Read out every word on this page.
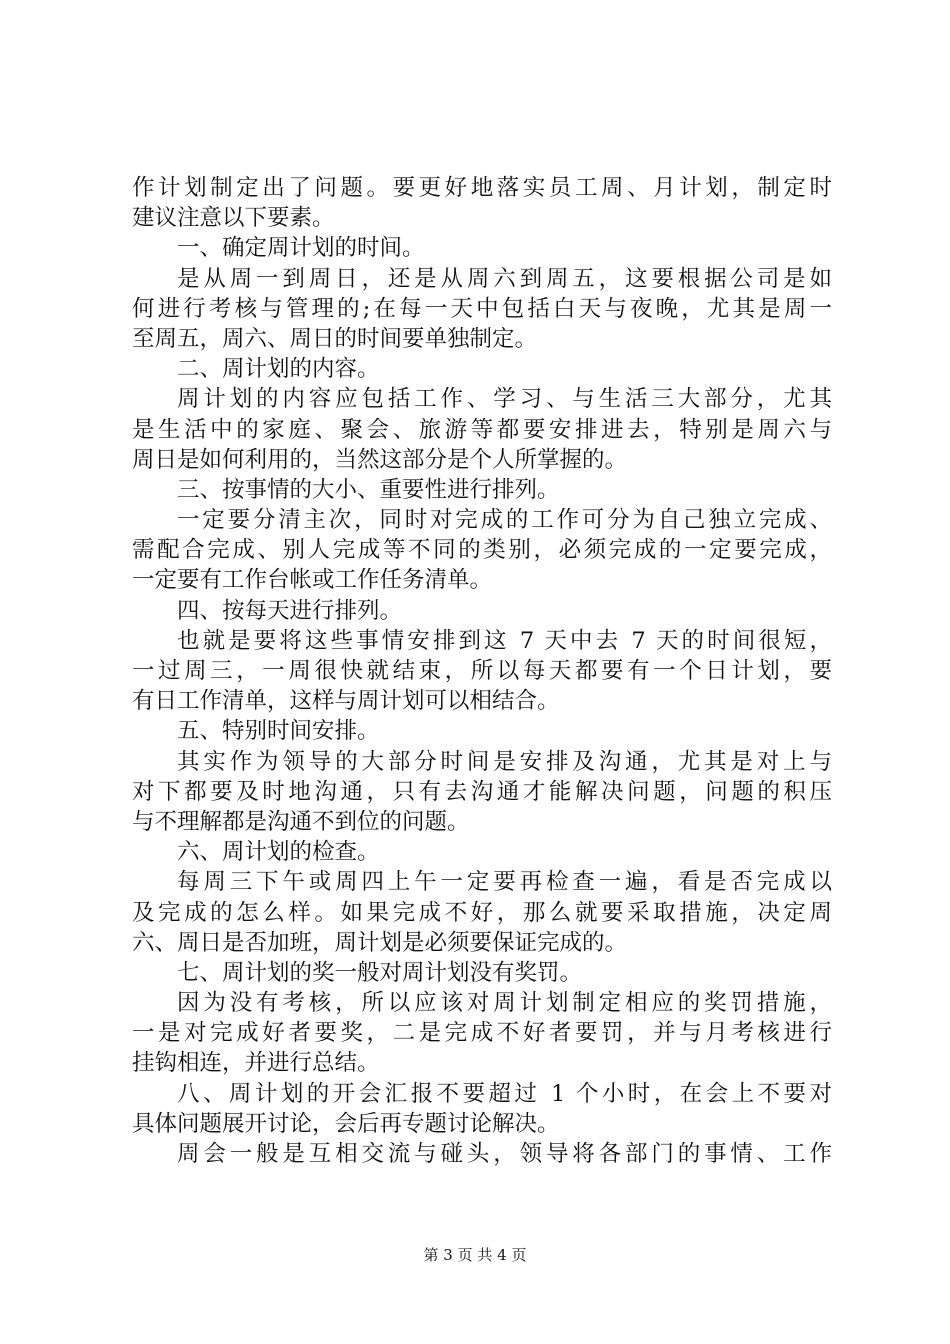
作计划制定出了问题。要更好地落实员工周、月计划，制定时
建议注意以下要素。
一、确定周计划的时间。
是从周一到周日，还是从周六到周五，这要根据公司是如
何进行考核与管理的;在每一天中包括白天与夜晚，尤其是周一
至周五，周六、周日的时间要单独制定。
二、周计划的内容。
周计划的内容应包括工作、学习、与生活三大部分，尤其
是生活中的家庭、聚会、旅游等都要安排进去，特别是周六与
周日是如何利用的，当然这部分是个人所掌握的。
三、按事情的大小、重要性进行排列。
一定要分清主次，同时对完成的工作可分为自己独立完成、
需配合完成、别人完成等不同的类别，必须完成的一定要完成，
一定要有工作台帐或工作任务清单。
四、按每天进行排列。
也就是要将这些事情安排到这 7 天中去 7 天的时间很短，
一过周三，一周很快就结束，所以每天都要有一个日计划，要
有日工作清单，这样与周计划可以相结合。
五、特别时间安排。
其实作为领导的大部分时间是安排及沟通，尤其是对上与
对下都要及时地沟通，只有去沟通才能解决问题，问题的积压
与不理解都是沟通不到位的问题。
六、周计划的检查。
每周三下午或周四上午一定要再检查一遍，看是否完成以
及完成的怎么样。如果完成不好，那么就要采取措施，决定周
六、周日是否加班，周计划是必须要保证完成的。
七、周计划的奖一般对周计划没有奖罚。
因为没有考核，所以应该对周计划制定相应的奖罚措施，
一是对完成好者要奖，二是完成不好者要罚，并与月考核进行
挂钩相连，并进行总结。
八、周计划的开会汇报不要超过 1 个小时，在会上不要对
具体问题展开讨论，会后再专题讨论解决。
周会一般是互相交流与碰头，领导将各部门的事情、工作
第 3 页 共 4 页
